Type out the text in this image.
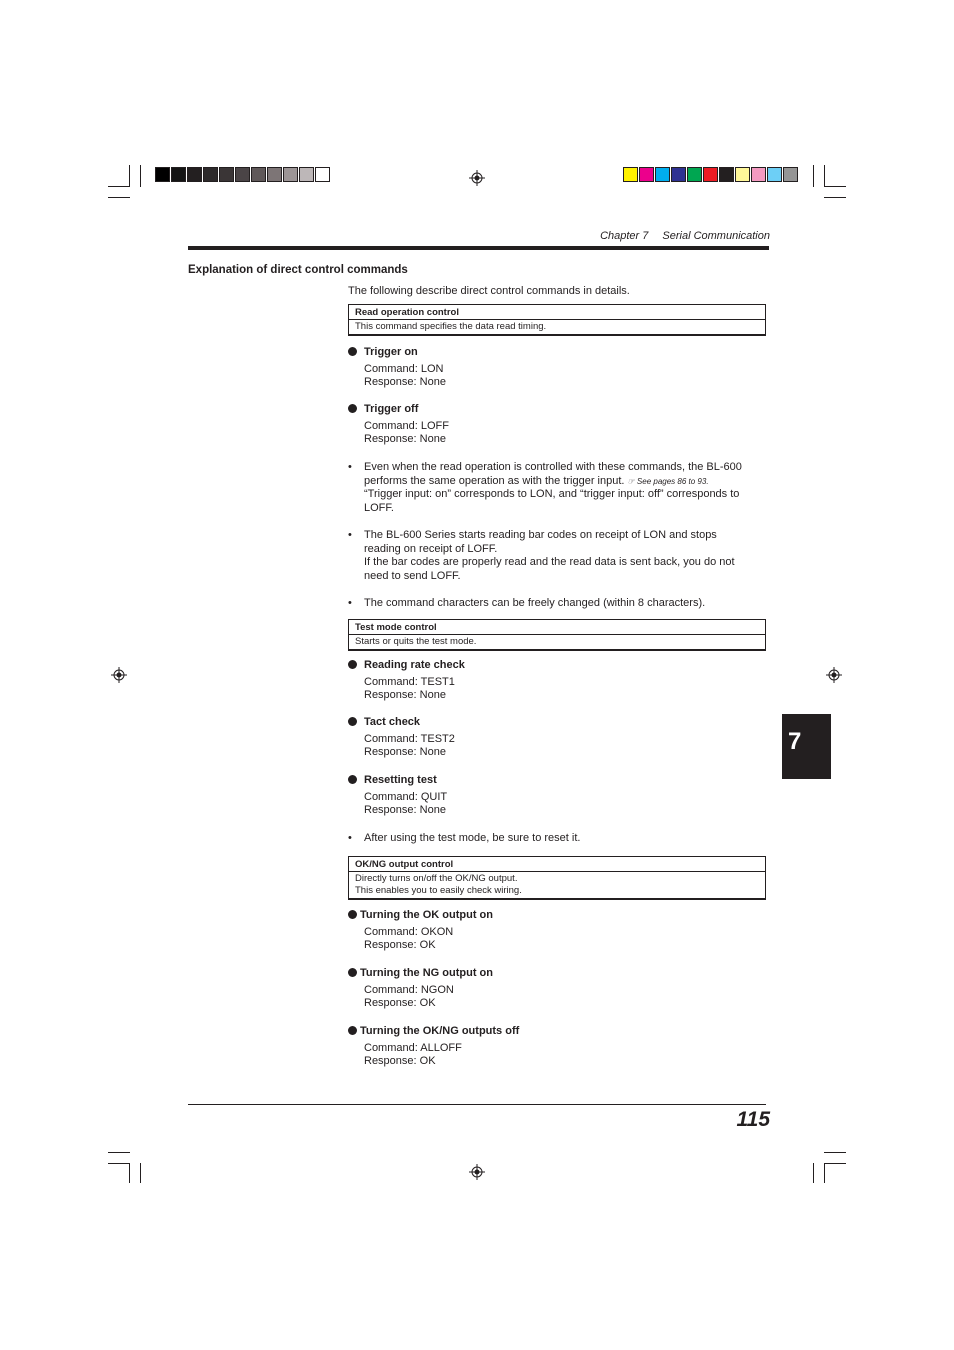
Chapter 7 Serial Communication
Explanation of direct control commands
The following describe direct control commands in details.
Read operation control
This command specifies the data read timing.
Trigger on
Command: LON
Response: None
Trigger off
Command: LOFF
Response: None
• Even when the read operation is controlled with these commands, the BL-600
performs the same operation as with the trigger input. ☞ See pages 86 to 93.
“Trigger input: on” corresponds to LON, and “trigger input: off” corresponds to
LOFF.
• The BL-600 Series starts reading bar codes on receipt of LON and stops
reading on receipt of LOFF.
If the bar codes are properly read and the read data is sent back, you do not
need to send LOFF.
•	The command characters can be freely changed (within 8 characters).
Test mode control
Starts or quits the test mode.
Reading rate check
Command: TEST1
Response: None
Tact check
Command: TEST2
Response: None
Resetting test
Command: QUIT
Response: None
•	After using the test mode, be sure to reset it.
OK/NG output control
Directly turns on/off the OK/NG output.
This enables you to easily check wiring.
Turning the OK output on
Command: OKON
Response: OK
Turning the NG output on
Command: NGON
Response: OK
Turning the OK/NG outputs off
Command: ALLOFF
Response: OK
7
115
